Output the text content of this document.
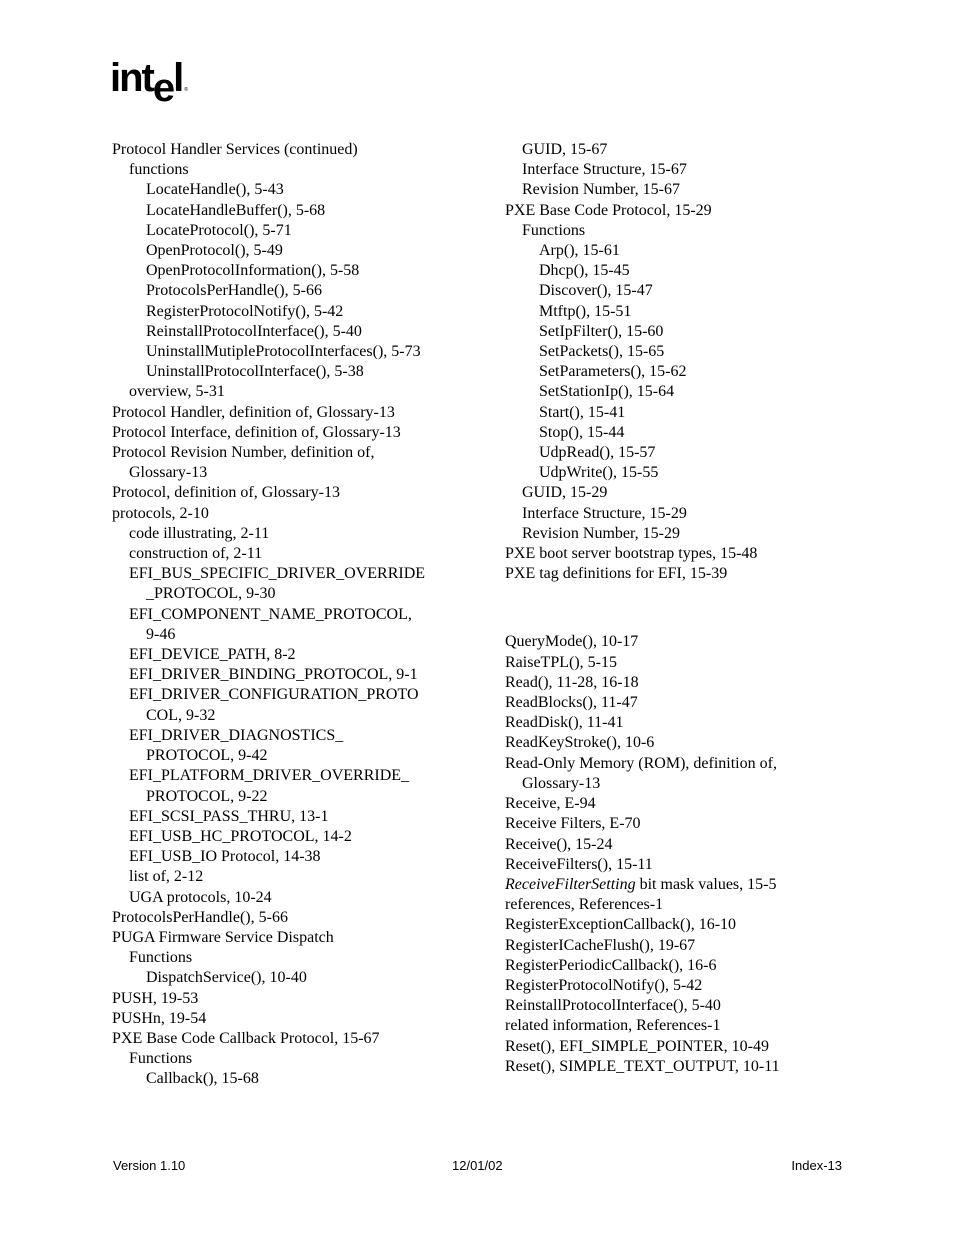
intel ®
Protocol Handler Services (continued)
functions
LocateHandle(), 5-43
LocateHandleBuffer(), 5-68
LocateProtocol(), 5-71
OpenProtocol(), 5-49
OpenProtocolInformation(), 5-58
ProtocolsPerHandle(), 5-66
RegisterProtocolNotify(), 5-42
ReinstallProtocolInterface(), 5-40
UninstallMutipleProtocolInterfaces(), 5-73
UninstallProtocolInterface(), 5-38
overview, 5-31
Protocol Handler, definition of, Glossary-13
Protocol Interface, definition of, Glossary-13
Protocol Revision Number, definition of,
Glossary-13
Protocol, definition of, Glossary-13
protocols, 2-10
code illustrating, 2-11
construction of, 2-11
EFI_BUS_SPECIFIC_DRIVER_OVERRIDE
_PROTOCOL, 9-30
EFI_COMPONENT_NAME_PROTOCOL,
9-46
EFI_DEVICE_PATH, 8-2
EFI_DRIVER_BINDING_PROTOCOL, 9-1
EFI_DRIVER_CONFIGURATION_PROTO
COL, 9-32
EFI_DRIVER_DIAGNOSTICS_
PROTOCOL, 9-42
EFI_PLATFORM_DRIVER_OVERRIDE_
PROTOCOL, 9-22
EFI_SCSI_PASS_THRU, 13-1
EFI_USB_HC_PROTOCOL, 14-2
EFI_USB_IO Protocol, 14-38
list of, 2-12
UGA protocols, 10-24
ProtocolsPerHandle(), 5-66
PUGA Firmware Service Dispatch
Functions
DispatchService(), 10-40
PUSH, 19-53
PUSHn, 19-54
PXE Base Code Callback Protocol, 15-67
Functions
Callback(), 15-68
GUID, 15-67
Interface Structure, 15-67
Revision Number, 15-67
PXE Base Code Protocol, 15-29
Functions
Arp(), 15-61
Dhcp(), 15-45
Discover(), 15-47
Mtftp(), 15-51
SetIpFilter(), 15-60
SetPackets(), 15-65
SetParameters(), 15-62
SetStationIp(), 15-64
Start(), 15-41
Stop(), 15-44
UdpRead(), 15-57
UdpWrite(), 15-55
GUID, 15-29
Interface Structure, 15-29
Revision Number, 15-29
PXE boot server bootstrap types, 15-48
PXE tag definitions for EFI, 15-39
QueryMode(), 10-17
RaiseTPL(), 5-15
Read(), 11-28, 16-18
ReadBlocks(), 11-47
ReadDisk(), 11-41
ReadKeyStroke(), 10-6
Read-Only Memory (ROM), definition of,
Glossary-13
Receive, E-94
Receive Filters, E-70
Receive(), 15-24
ReceiveFilters(), 15-11
ReceiveFilterSetting bit mask values, 15-5
references, References-1
RegisterExceptionCallback(), 16-10
RegisterICacheFlush(), 19-67
RegisterPeriodicCallback(), 16-6
RegisterProtocolNotify(), 5-42
ReinstallProtocolInterface(), 5-40
related information, References-1
Reset(), EFI_SIMPLE_POINTER, 10-49
Reset(), SIMPLE_TEXT_OUTPUT, 10-11
Version 1.10	12/01/02	Index-13
